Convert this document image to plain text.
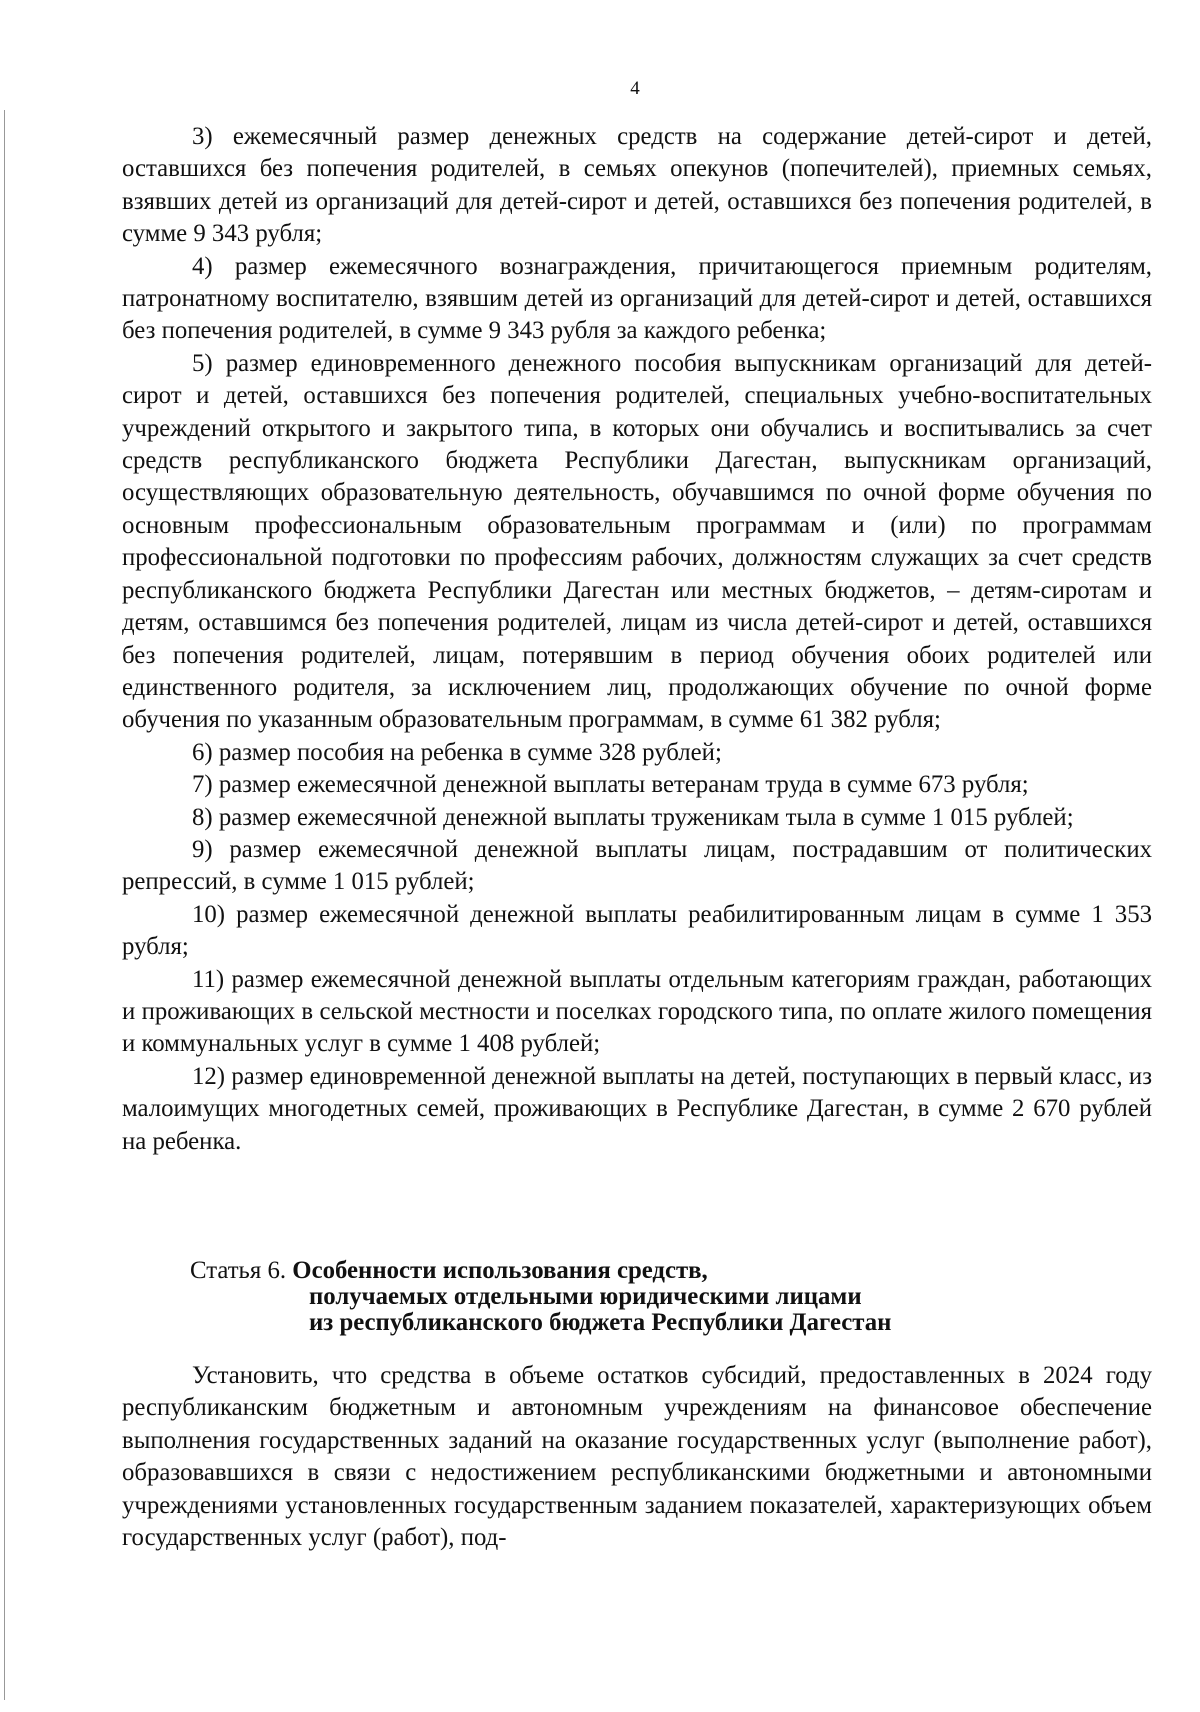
4

3) ежемесячный размер денежных средств на содержание детей-сирот и детей, оставшихся без попечения родителей, в семьях опекунов (попечителей), приемных семьях, взявших детей из организаций для детей-сирот и детей, оставшихся без попечения родителей, в сумме 9 343 рубля;

4) размер ежемесячного вознаграждения, причитающегося приемным родителям, патронатному воспитателю, взявшим детей из организаций для детей-сирот и детей, оставшихся без попечения родителей, в сумме 9 343 рубля за каждого ребенка;

5) размер единовременного денежного пособия выпускникам организаций для детей-сирот и детей, оставшихся без попечения родителей, специальных учебно-воспитательных учреждений открытого и закрытого типа, в которых они обучались и воспитывались за счет средств республиканского бюджета Республики Дагестан, выпускникам организаций, осуществляющих образовательную деятельность, обучавшимся по очной форме обучения по основным профессиональным образовательным программам и (или) по программам профессиональной подготовки по профессиям рабочих, должностям служащих за счет средств республиканского бюджета Республики Дагестан или местных бюджетов, – детям-сиротам и детям, оставшимся без попечения родителей, лицам из числа детей-сирот и детей, оставшихся без попечения родителей, лицам, потерявшим в период обучения обоих родителей или единственного родителя, за исключением лиц, продолжающих обучение по очной форме обучения по указанным образовательным программам, в сумме 61 382 рубля;

6) размер пособия на ребенка в сумме 328 рублей;

7) размер ежемесячной денежной выплаты ветеранам труда в сумме 673 рубля;

8) размер ежемесячной денежной выплаты труженикам тыла в сумме 1 015 рублей;

9) размер ежемесячной денежной выплаты лицам, пострадавшим от политических репрессий, в сумме 1 015 рублей;

10) размер ежемесячной денежной выплаты реабилитированным лицам в сумме 1 353 рубля;

11) размер ежемесячной денежной выплаты отдельным категориям граждан, работающих и проживающих в сельской местности и поселках городского типа, по оплате жилого помещения и коммунальных услуг в сумме 1 408 рублей;

12) размер единовременной денежной выплаты на детей, поступающих в первый класс, из малоимущих многодетных семей, проживающих в Республике Дагестан, в сумме 2 670 рублей на ребенка.

Статья 6. Особенности использования средств,
получаемых отдельными юридическими лицами
из республиканского бюджета Республики Дагестан

Установить, что средства в объеме остатков субсидий, предоставленных в 2024 году республиканским бюджетным и автономным учреждениям на финансовое обеспечение выполнения государственных заданий на оказание государственных услуг (выполнение работ), образовавшихся в связи с недостижением республиканскими бюджетными и автономными учреждениями установленных государственным заданием показателей, характеризующих объем государственных услуг (работ), под-
